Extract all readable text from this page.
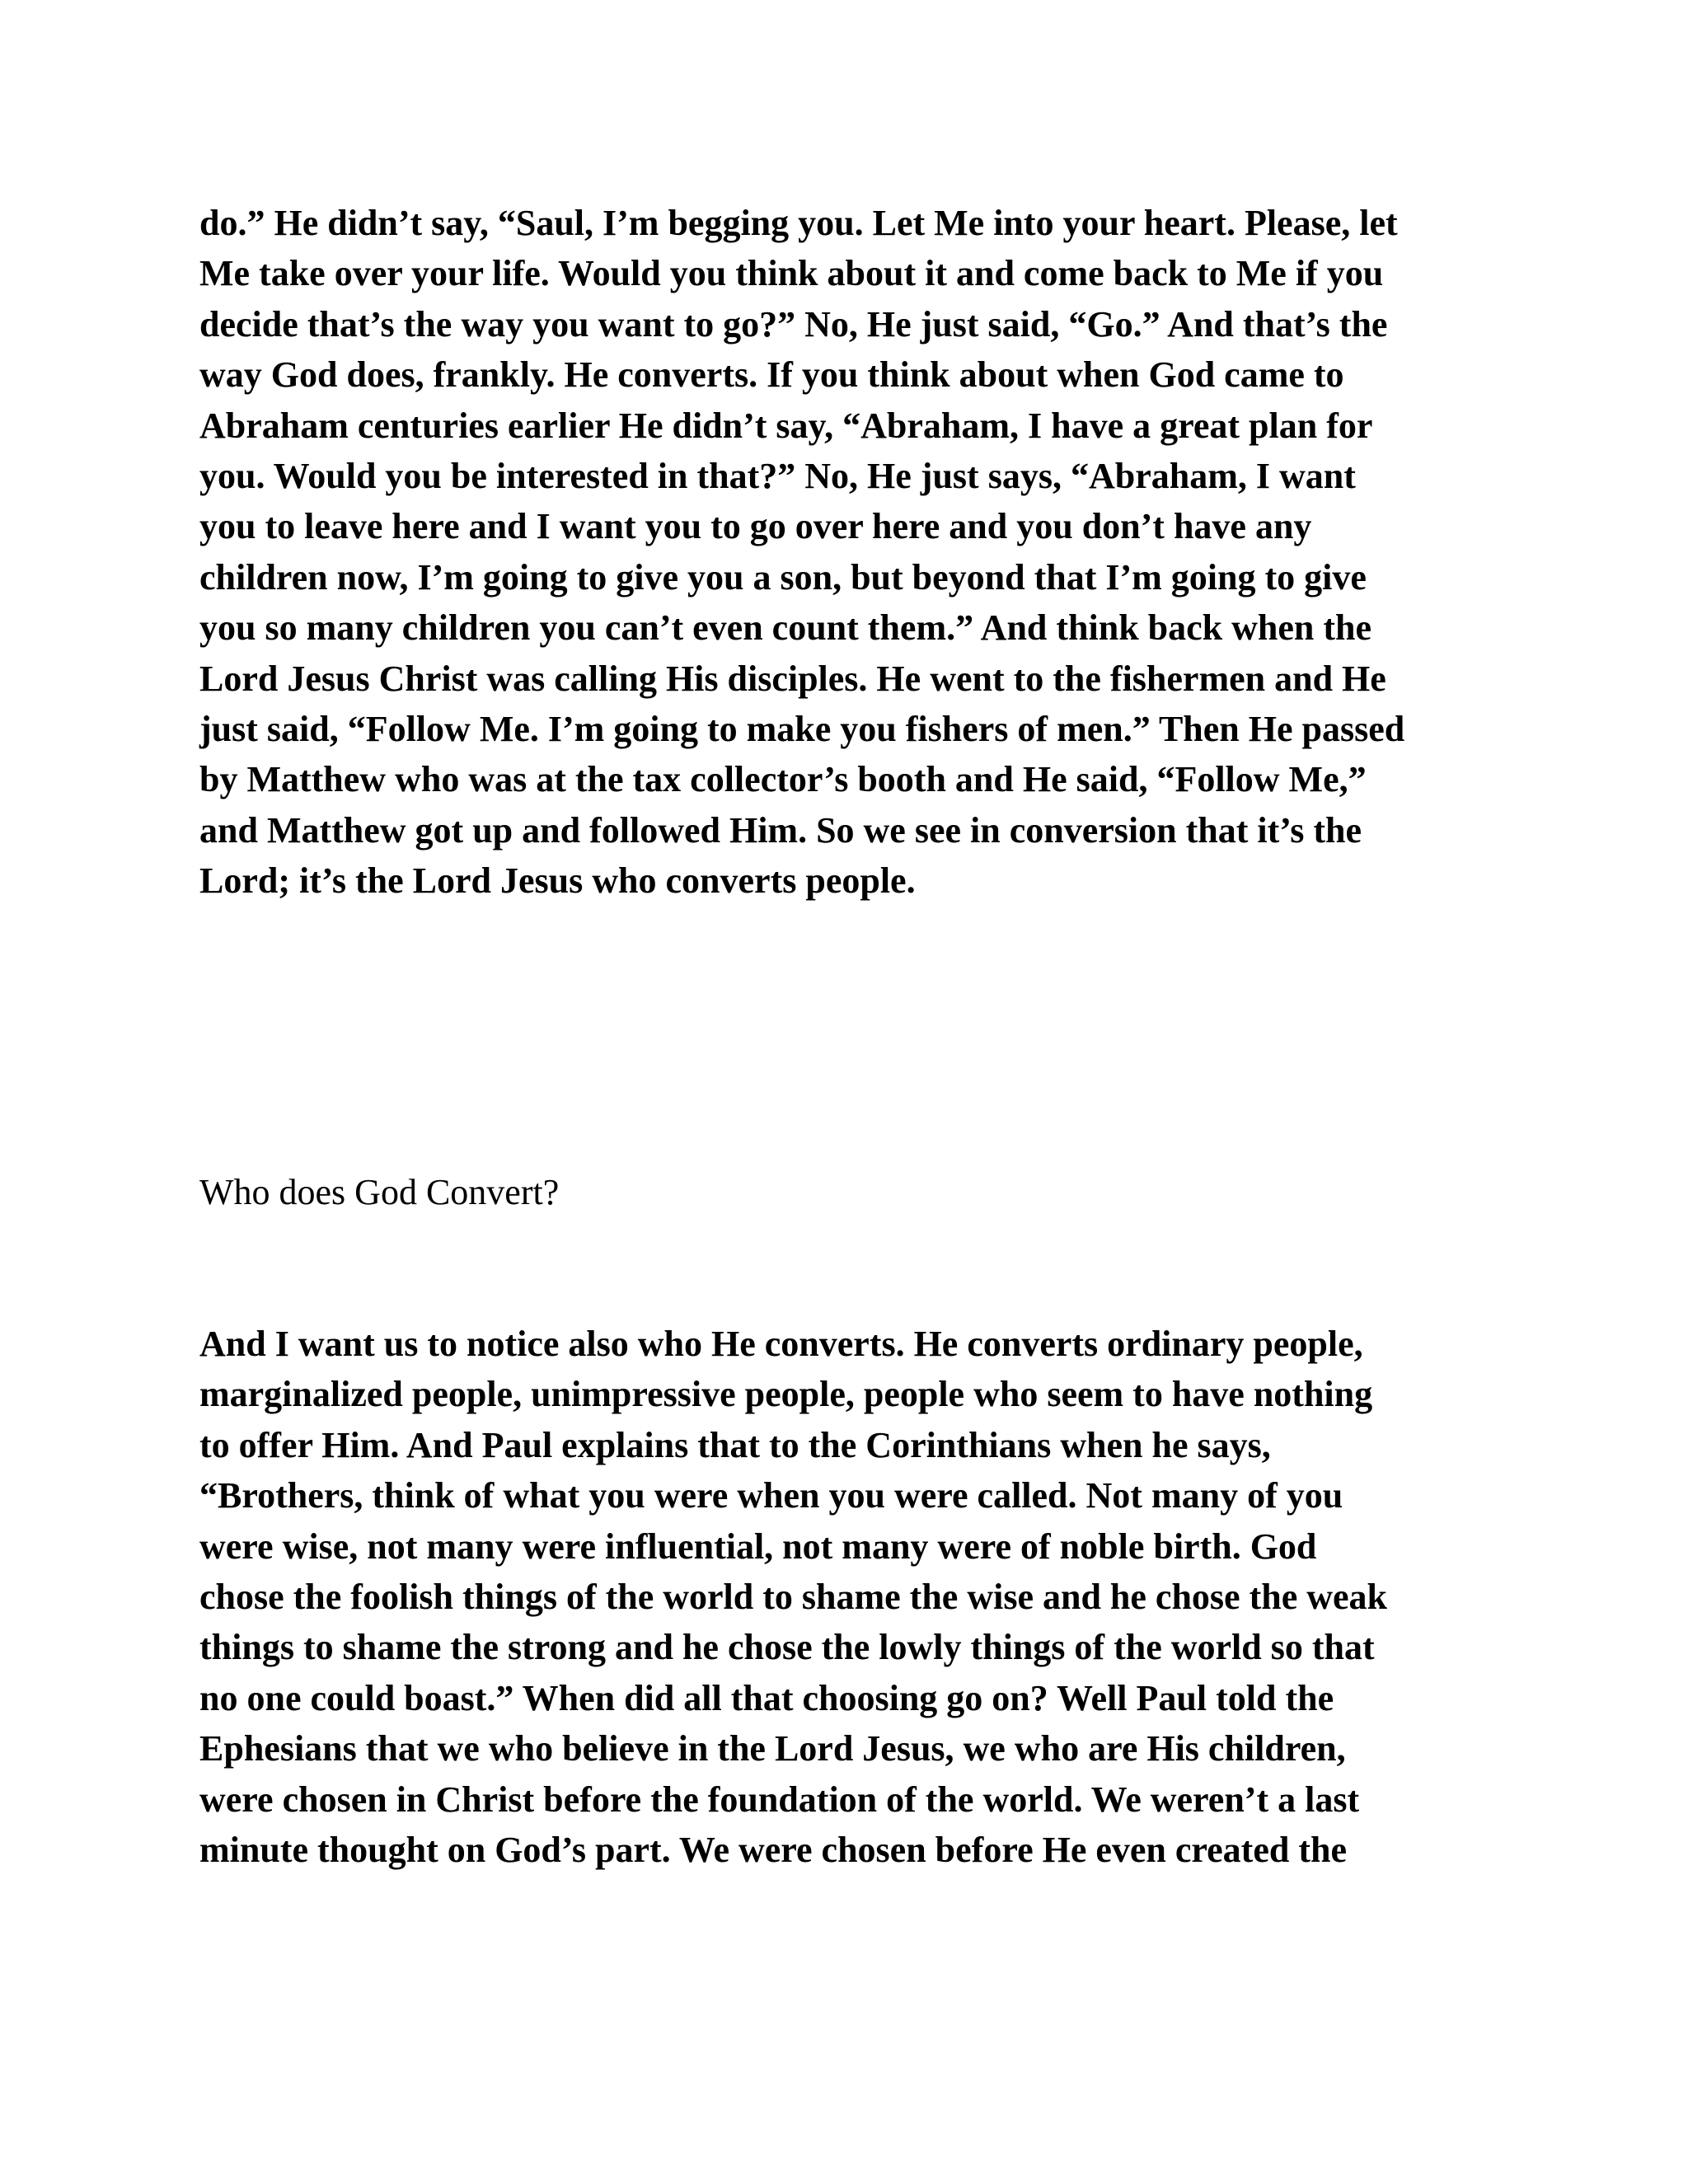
do.” He didn’t say, “Saul, I’m begging you. Let Me into your heart. Please, let
Me take over your life. Would you think about it and come back to Me if you
decide that’s the way you want to go?” No, He just said, “Go.” And that’s the
way God does, frankly. He converts. If you think about when God came to
Abraham centuries earlier He didn’t say, “Abraham, I have a great plan for
you. Would you be interested in that?” No, He just says, “Abraham, I want
you to leave here and I want you to go over here and you don’t have any
children now, I’m going to give you a son, but beyond that I’m going to give
you so many children you can’t even count them.” And think back when the
Lord Jesus Christ was calling His disciples. He went to the fishermen and He
just said, “Follow Me. I’m going to make you fishers of men.” Then He passed
by Matthew who was at the tax collector’s booth and He said, “Follow Me,”
and Matthew got up and followed Him. So we see in conversion that it’s the
Lord; it’s the Lord Jesus who converts people.
Who does God Convert?
And I want us to notice also who He converts. He converts ordinary people,
marginalized people, unimpressive people, people who seem to have nothing
to offer Him. And Paul explains that to the Corinthians when he says,
“Brothers, think of what you were when you were called. Not many of you
were wise, not many were influential, not many were of noble birth. God
chose the foolish things of the world to shame the wise and he chose the weak
things to shame the strong and he chose the lowly things of the world so that
no one could boast.” When did all that choosing go on? Well Paul told the
Ephesians that we who believe in the Lord Jesus, we who are His children,
were chosen in Christ before the foundation of the world. We weren’t a last
minute thought on God’s part. We were chosen before He even created the
